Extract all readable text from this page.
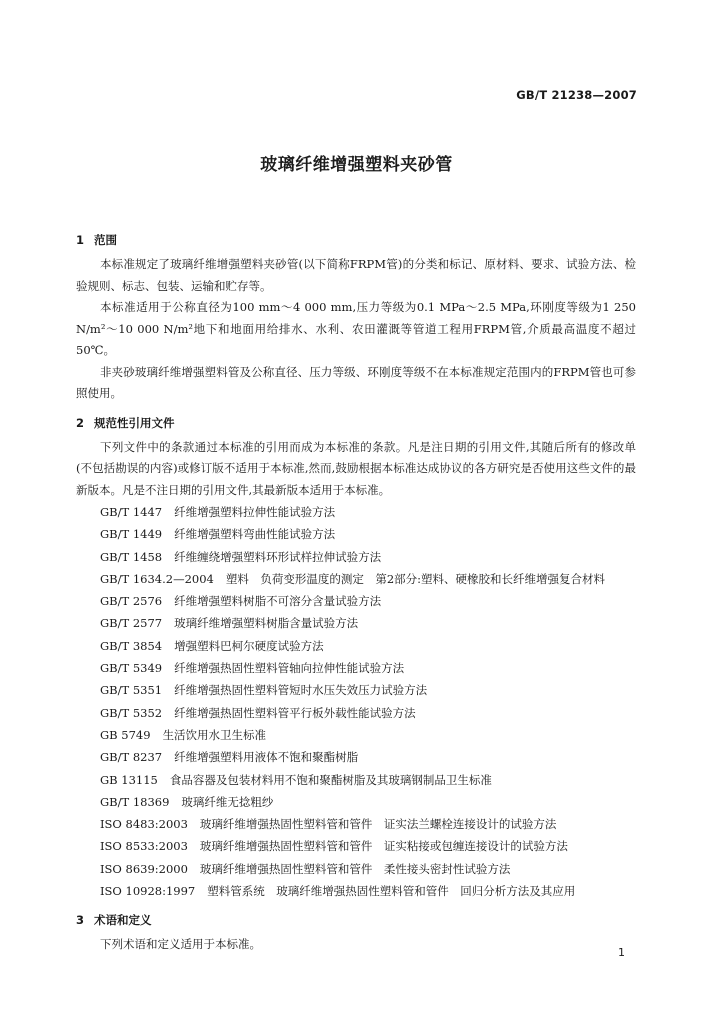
GB/T 21238—2007
玻璃纤维增强塑料夹砂管
1 范围

本标准规定了玻璃纤维增强塑料夹砂管(以下简称FRPM管)的分类和标记、原材料、要求、试验方法、检验规则、标志、包装、运输和贮存等。

本标准适用于公称直径为100 mm～4 000 mm,压力等级为0.1 MPa～2.5 MPa,环刚度等级为1 250 N/m²～10 000 N/m²地下和地面用给排水、水利、农田灌溉等管道工程用FRPM管,介质最高温度不超过50℃。

非夹砂玻璃纤维增强塑料管及公称直径、压力等级、环刚度等级不在本标准规定范围内的FRPM管也可参照使用。

2 规范性引用文件

下列文件中的条款通过本标准的引用而成为本标准的条款。凡是注日期的引用文件,其随后所有的修改单(不包括勘误的内容)或修订版不适用于本标准,然而,鼓励根据本标准达成协议的各方研究是否使用这些文件的最新版本。凡是不注日期的引用文件,其最新版本适用于本标准。

GB/T 1447 纤维增强塑料拉伸性能试验方法
GB/T 1449 纤维增强塑料弯曲性能试验方法
GB/T 1458 纤维缠绕增强塑料环形试样拉伸试验方法
GB/T 1634.2—2004 塑料　负荷变形温度的测定　第2部分:塑料、硬橡胶和长纤维增强复合材料
GB/T 2576 纤维增强塑料树脂不可溶分含量试验方法
GB/T 2577 玻璃纤维增强塑料树脂含量试验方法
GB/T 3854 增强塑料巴柯尔硬度试验方法
GB/T 5349 纤维增强热固性塑料管轴向拉伸性能试验方法
GB/T 5351 纤维增强热固性塑料管短时水压失效压力试验方法
GB/T 5352 纤维增强热固性塑料管平行板外载性能试验方法
GB 5749 生活饮用水卫生标准
GB/T 8237 纤维增强塑料用液体不饱和聚酯树脂
GB 13115 食品容器及包装材料用不饱和聚酯树脂及其玻璃钢制品卫生标准
GB/T 18369 玻璃纤维无捻粗纱
ISO 8483:2003 玻璃纤维增强热固性塑料管和管件　证实法兰螺栓连接设计的试验方法
ISO 8533:2003 玻璃纤维增强热固性塑料管和管件　证实粘接或包缠连接设计的试验方法
ISO 8639:2000 玻璃纤维增强热固性塑料管和管件　柔性接头密封性试验方法
ISO 10928:1997 塑料管系统　玻璃纤维增强热固性塑料管和管件　回归分析方法及其应用
3 术语和定义

下列术语和定义适用于本标准。

1
